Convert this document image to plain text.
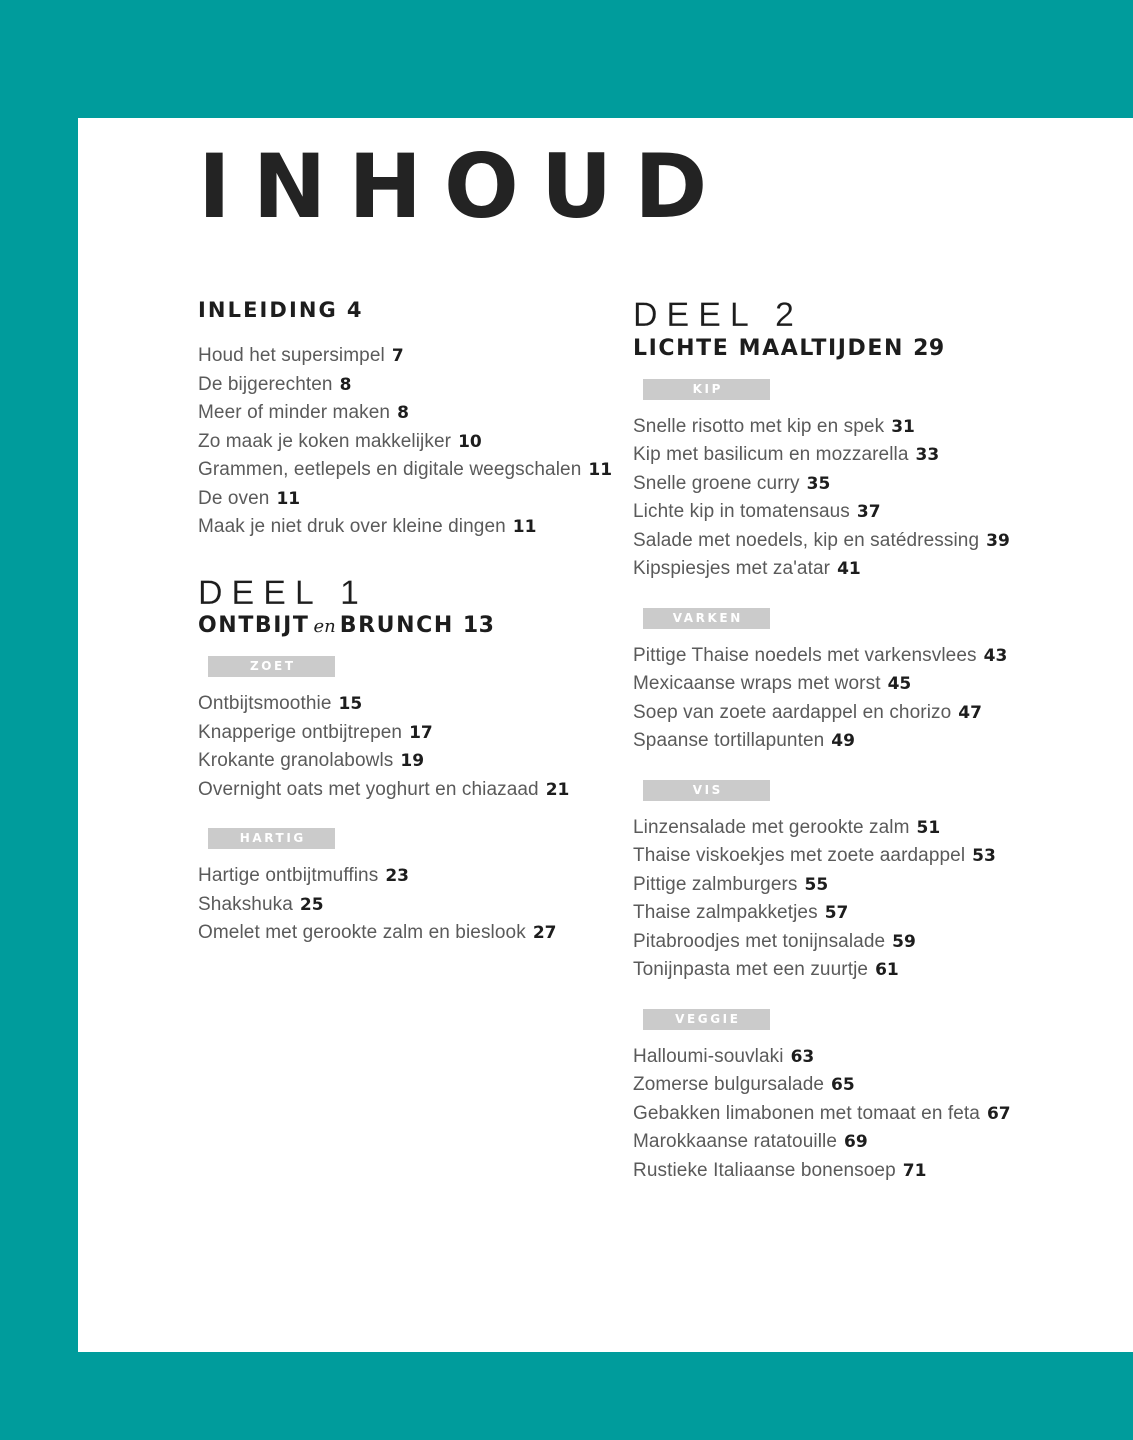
INHOUD
INLEIDING 4
Houd het supersimpel 7
De bijgerechten 8
Meer of minder maken 8
Zo maak je koken makkelijker 10
Grammen, eetlepels en digitale weegschalen 11
De oven 11
Maak je niet druk over kleine dingen 11
DEEL 1
ONTBIJT en BRUNCH 13
ZOET
Ontbijtsmoothie 15
Knapperige ontbijtrepen 17
Krokante granolabowls 19
Overnight oats met yoghurt en chiazaad 21
HARTIG
Hartige ontbijtmuffins 23
Shakshuka 25
Omelet met gerookte zalm en bieslook 27
DEEL 2
LICHTE MAALTIJDEN 29
KIP
Snelle risotto met kip en spek 31
Kip met basilicum en mozzarella 33
Snelle groene curry 35
Lichte kip in tomatensaus 37
Salade met noedels, kip en satédressing 39
Kipspiesjes met za'atar 41
VARKEN
Pittige Thaise noedels met varkensvlees 43
Mexicaanse wraps met worst 45
Soep van zoete aardappel en chorizo 47
Spaanse tortillapunten 49
VIS
Linzensalade met gerookte zalm 51
Thaise viskoekjes met zoete aardappel 53
Pittige zalmburgers 55
Thaise zalmpakketjes 57
Pitabroodjes met tonijnsalade 59
Tonijnpasta met een zuurtje 61
VEGGIE
Halloumi-souvlaki 63
Zomerse bulgursalade 65
Gebakken limabonen met tomaat en feta 67
Marokkaanse ratatouille 69
Rustieke Italiaanse bonensoep 71
